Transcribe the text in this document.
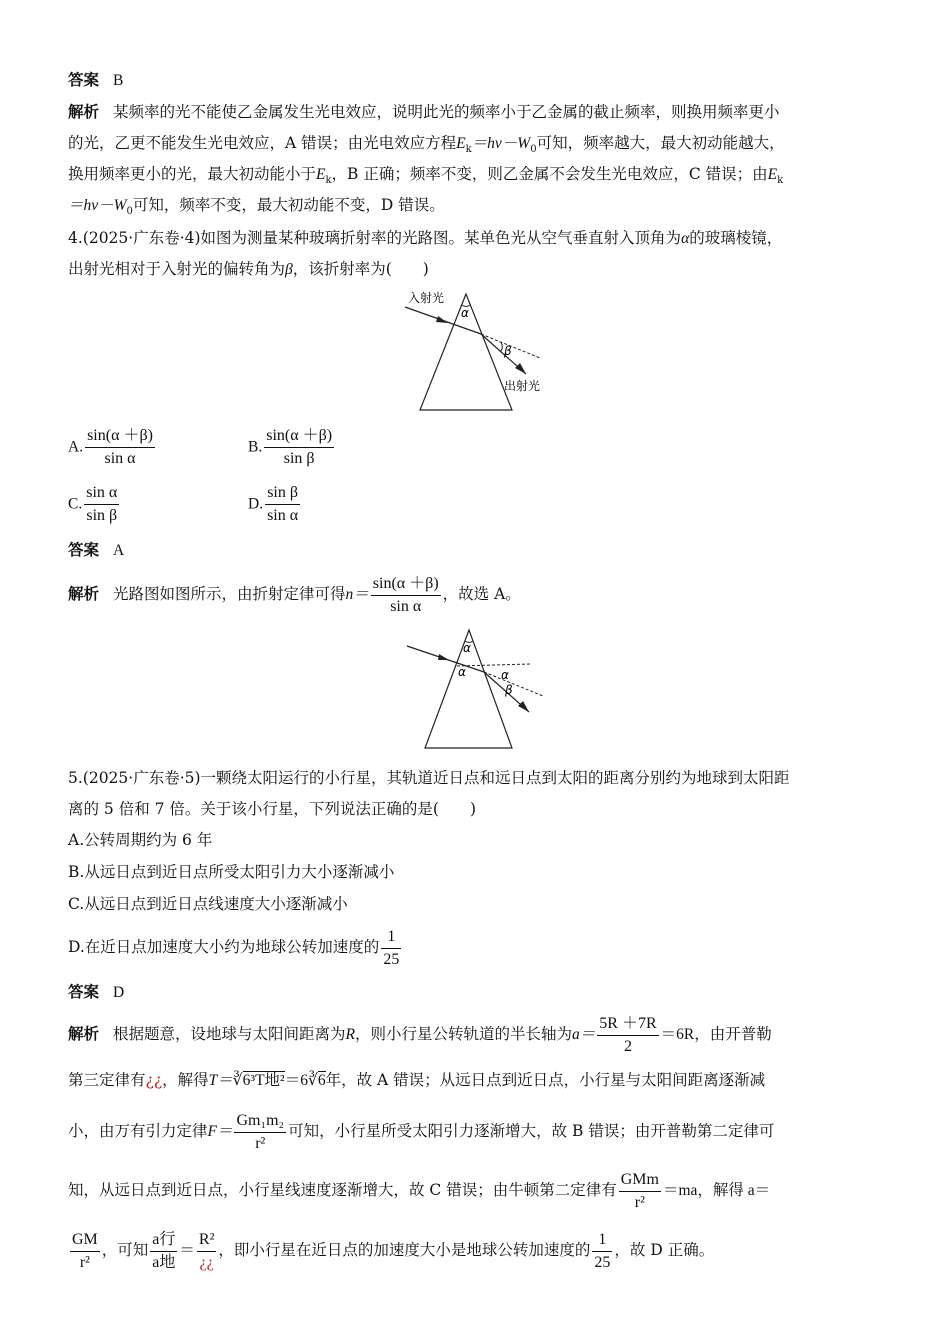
答案 B
解析 某频率的光不能使乙金属发生光电效应，说明此光的频率小于乙金属的截止频率，则换用频率更小
的光，乙更不能发生光电效应，A 错误；由光电效应方程$E_k=h\nu-W_0$可知，频率越大，最大初动能越大，
换用频率更小的光，最大初动能小于$E_k$，B 正确；频率不变，则乙金属不会发生光电效应，C 错误；由$E_k$
$=h\nu-W_0$可知，频率不变，最大初动能不变，D 错误。
4.(2025·广东卷·4)如图为测量某种玻璃折射率的光路图。某单色光从空气垂直射入顶角为α的玻璃棱镜，
出射光相对于入射光的偏转角为β，该折射率为(　　)
入射光
α
β
出射光
A. $\frac{\sin(\alpha +\beta)}{\text{sin α}}$	B. $\frac{\sin(\alpha +\beta)}{\text{sin β}}$
C. $\frac{\text{sin α}}{\text{sin β}}$	D. $\frac{\text{sin β}}{\text{sin α}}$
答案 A
解析 光路图如图所示，由折射定律可得$n= \frac{\sin(\alpha +\beta)}{\text{sin α}}$ ，故选 A。
α
α	α
β
5.(2025·广东卷·5)一颗绕太阳运行的小行星，其轨道近日点和远日点到太阳的距离分别约为地球到太阳距
离的 5 倍和 7 倍。关于该小行星，下列说法正确的是(　　)
A.公转周期约为 6 年
B.从远日点到近日点所受太阳引力大小逐渐减小
C.从远日点到近日点线速度大小逐渐减小
D.在近日点加速度大小约为地球公转加速度的 $\frac{1}{25}$
答案 D
解析 根据题意，设地球与太阳间距离为R，则小行星公转轨道的半长轴为$a= \frac{5R +7R}{2} =6R$，由开普勒
第三定律有¿¿，解得T＝∛6³T地²＝6∛6年，故 A 错误；从远日点到近日点，小行星与太阳间距离逐渐减
小，由万有引力定律$F= \frac{\text{Gm₁m₂}}{\text{r²}}$ 可知，小行星所受太阳引力逐渐增大，故 B 错误；由开普勒第二定律可
知，从远日点到近日点，小行星线速度逐渐增大，故 C 错误；由牛顿第二定律有 $\frac{\text{GMm}}{\text{r²}} =ma$，解得 a＝
$\frac{GM}{\text{r²}}$ ，可知 $\frac{\text{a行}}{\text{a地}} = \frac{\text{R²}}{¿¿}$ ，即小行星在近日点的加速度大小是地球公转加速度的 $\frac{1}{25}$ ，故 D 正确。
